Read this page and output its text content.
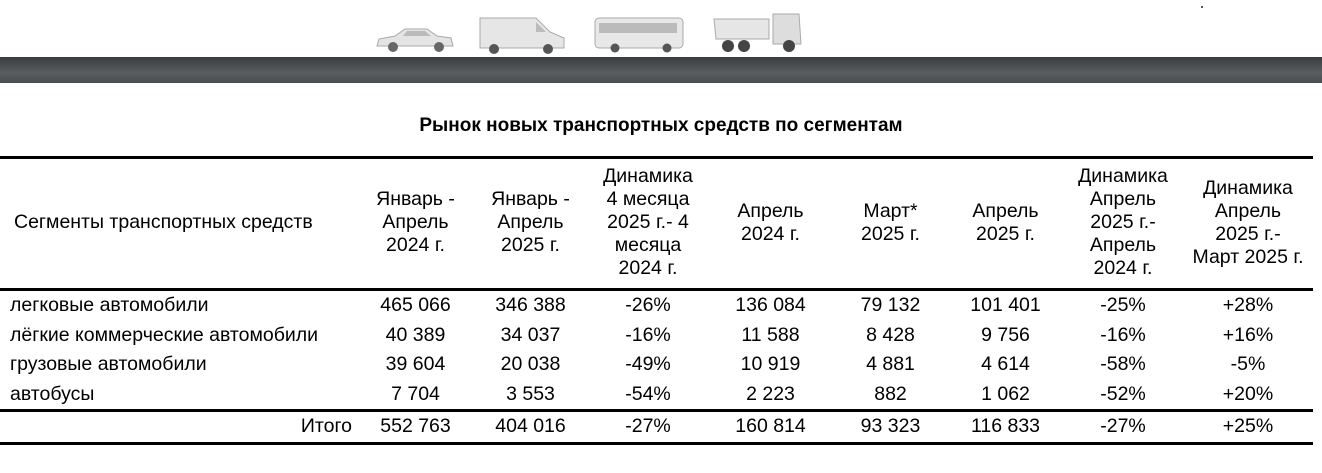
Рынок новых транспортных средств по сегментам
Сегменты транспортных средств	Январь - Апрель 2024 г.	Январь - Апрель 2025 г.	Динамика 4 месяца 2025 г.- 4 месяца 2024 г.	Апрель 2024 г.	Март* 2025 г.	Апрель 2025 г.	Динамика Апрель 2025 г.- Апрель 2024 г.	Динамика Апрель 2025 г.- Март 2025 г.
легковые автомобили	465 066	346 388	-26%	136 084	79 132	101 401	-25%	+28%
лёгкие коммерческие автомобили	40 389	34 037	-16%	11 588	8 428	9 756	-16%	+16%
грузовые автомобили	39 604	20 038	-49%	10 919	4 881	4 614	-58%	-5%
автобусы	7 704	3 553	-54%	2 223	882	1 062	-52%	+20%
Итого	552 763	404 016	-27%	160 814	93 323	116 833	-27%	+25%
